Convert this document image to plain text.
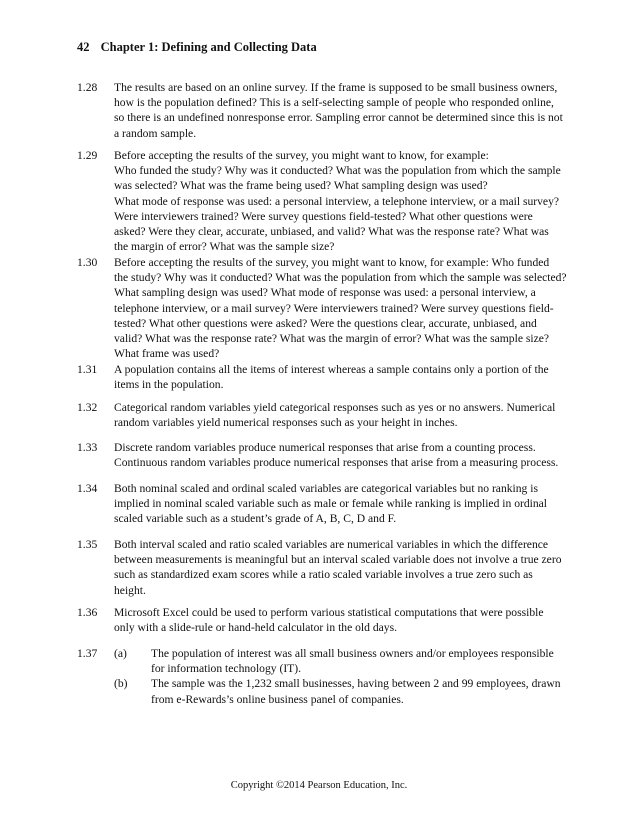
42 Chapter 1: Defining and Collecting Data
1.28	The results are based on an online survey. If the frame is supposed to be small business owners,
how is the population defined? This is a self-selecting sample of people who responded online,
so there is an undefined nonresponse error. Sampling error cannot be determined since this is not
a random sample.
1.29	Before accepting the results of the survey, you might want to know, for example:
Who funded the study? Why was it conducted? What was the population from which the sample
was selected? What was the frame being used? What sampling design was used?
What mode of response was used: a personal interview, a telephone interview, or a mail survey?
Were interviewers trained? Were survey questions field-tested? What other questions were
asked? Were they clear, accurate, unbiased, and valid? What was the response rate? What was
the margin of error? What was the sample size?
1.30	Before accepting the results of the survey, you might want to know, for example: Who funded
the study? Why was it conducted? What was the population from which the sample was selected?
What sampling design was used? What mode of response was used: a personal interview, a
telephone interview, or a mail survey? Were interviewers trained? Were survey questions field-
tested? What other questions were asked? Were the questions clear, accurate, unbiased, and
valid? What was the response rate? What was the margin of error? What was the sample size?
What frame was used?
1.31	A population contains all the items of interest whereas a sample contains only a portion of the
items in the population.
1.32	Categorical random variables yield categorical responses such as yes or no answers. Numerical
random variables yield numerical responses such as your height in inches.
1.33	Discrete random variables produce numerical responses that arise from a counting process.
Continuous random variables produce numerical responses that arise from a measuring process.
1.34	Both nominal scaled and ordinal scaled variables are categorical variables but no ranking is
implied in nominal scaled variable such as male or female while ranking is implied in ordinal
scaled variable such as a student’s grade of A, B, C, D and F.
1.35	Both interval scaled and ratio scaled variables are numerical variables in which the difference
between measurements is meaningful but an interval scaled variable does not involve a true zero
such as standardized exam scores while a ratio scaled variable involves a true zero such as
height.
1.36	Microsoft Excel could be used to perform various statistical computations that were possible
only with a slide-rule or hand-held calculator in the old days.
1.37	(a) The population of interest was all small business owners and/or employees responsible
for information technology (IT).
(b) The sample was the 1,232 small businesses, having between 2 and 99 employees, drawn
from e-Rewards’s online business panel of companies.
Copyright ©2014 Pearson Education, Inc.
